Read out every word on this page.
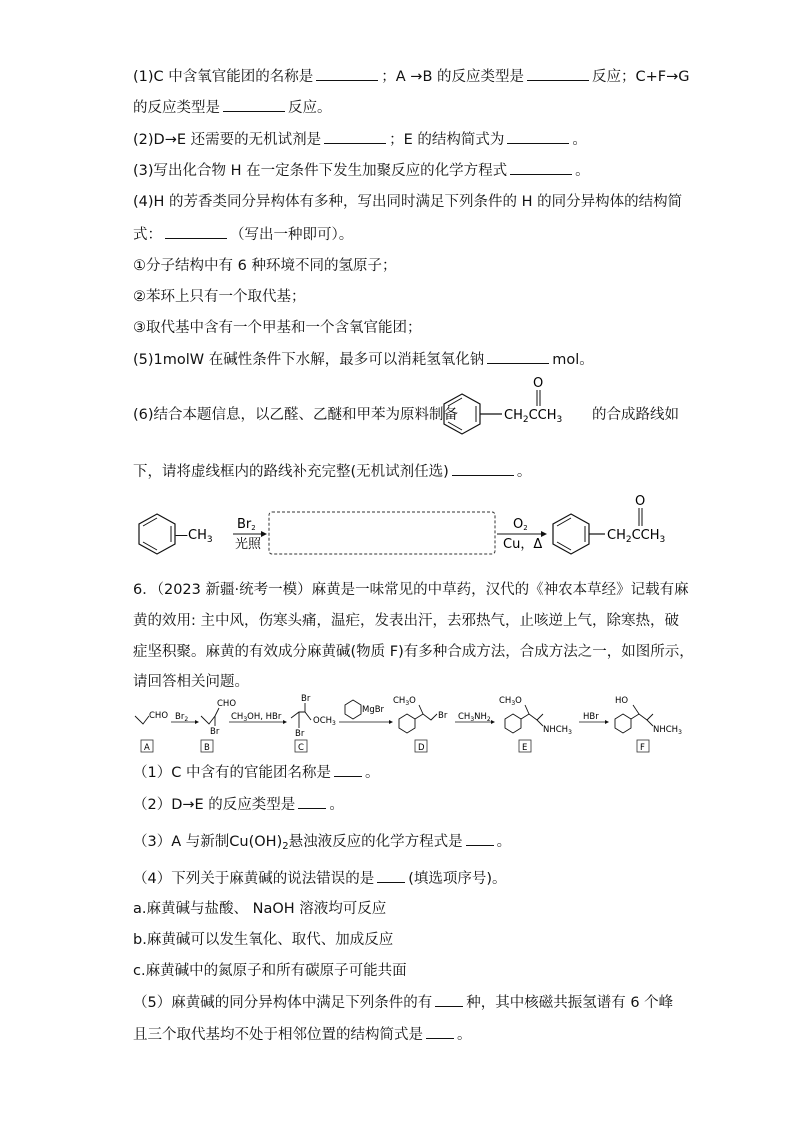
(1)C 中含氧官能团的名称是	；A →B 的反应类型是	反应；C+F→G
的反应类型是	反应。
(2)D→E 还需要的无机试剂是	；E 的结构简式为	。
(3)写出化合物 H 在一定条件下发生加聚反应的化学方程式	。
(4)H 的芳香类同分异构体有多种，写出同时满足下列条件的 H 的同分异构体的结构简
式：	（写出一种即可）。
①分子结构中有 6 种环境不同的氢原子；
②苯环上只有一个取代基；
③取代基中含有一个甲基和一个含氧官能团；
(5)1molW 在碱性条件下水解，最多可以消耗氢氧化钠	mol。
(6)结合本题信息，以乙醛、乙醚和甲苯为原料制备	$CH_2CCH_3$
O
的合成路线如
下，请将虚线框内的路线补充完整(无机试剂任选)	。
$—CH_3$
Br2
光照
O2
Cu，Δ
$CH_2CCH_3$
O
6．（2023 新疆·统考一模）麻黄是一味常见的中草药，汉代的《神农本草经》记载有麻
黄的效用: 主中风，伤寒头痛，温疟，发表出汗，去邪热气，止咳逆上气，除寒热，破
症坚积聚。麻黄的有效成分麻黄碱(物质 F)有多种合成方法，合成方法之一，如图所示，
请回答相关问题。
CHO $Br_2$
CHO
Br
$CH_3OH$, HBr
Br
$OCH_3$
Br
MgBr
$CH_3O$
Br $CH_3NH_2$
$CH_3O$
$NHCH_3$
HBr
HO
$NHCH_3$
A	B	C	D	E	F
（1）C 中含有的官能团名称是 。
（2）D→E 的反应类型是 。
（3）A 与新制$Cu(OH)_2$悬浊液反应的化学方程式是 。
（4）下列关于麻黄碱的说法错误的是 (填选项序号)。
a.麻黄碱与盐酸、 NaOH 溶液均可反应
b.麻黄碱可以发生氧化、取代、加成反应
c.麻黄碱中的氮原子和所有碳原子可能共面
（5）麻黄碱的同分异构体中满足下列条件的有 种，其中核磁共振氢谱有 6 个峰
且三个取代基均不处于相邻位置的结构简式是 。
